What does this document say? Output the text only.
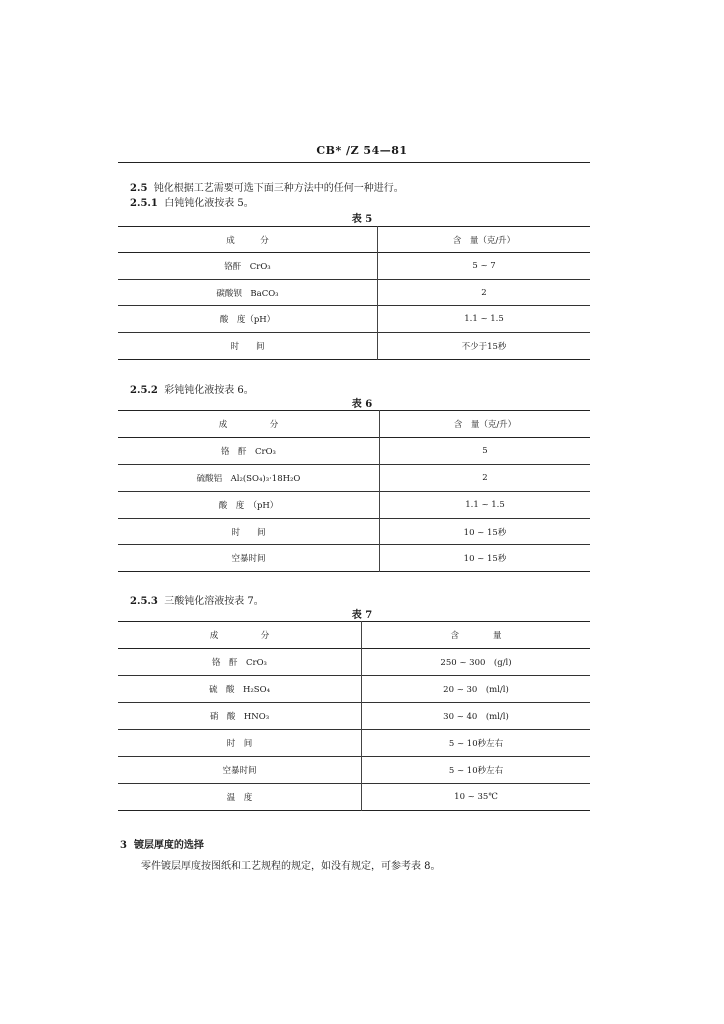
CB* /Z 54—81
2.5 钝化根据工艺需要可选下面三种方法中的任何一种进行。
2.5.1 白钝钝化液按表 5。
表 5
成　　　分	含　量（克/升）
铬酐　CrO₃	5 ~ 7
碳酸钡　BaCO₃	2
酸　度（pH）	1.1 ~ 1.5
时　　间	不少于15秒
2.5.2 彩钝钝化液按表 6。
表 6
成　　　　　分	含　量（克/升）
铬　酐　CrO₃	5
硫酸铝　Al₂(SO₄)₃·18H₂O	2
酸　度　（pH）	1.1 ~ 1.5
时　　间	10 ~ 15秒
空暴时间	10 ~ 15秒
2.5.3 三酸钝化溶液按表 7。
表 7
成　　　　　分	含　　　　量
铬　酐　CrO₃	250 ~ 300　(g/l)
硫　酸　H₂SO₄	20 ~ 30　(ml/l)
硝　酸　HNO₃	30 ~ 40　(ml/l)
时　间	5 ~ 10秒左右
空暴时间	5 ~ 10秒左右
温　度	10 ~ 35℃
3 镀层厚度的选择
零件镀层厚度按图纸和工艺规程的规定，如没有规定，可参考表 8。
